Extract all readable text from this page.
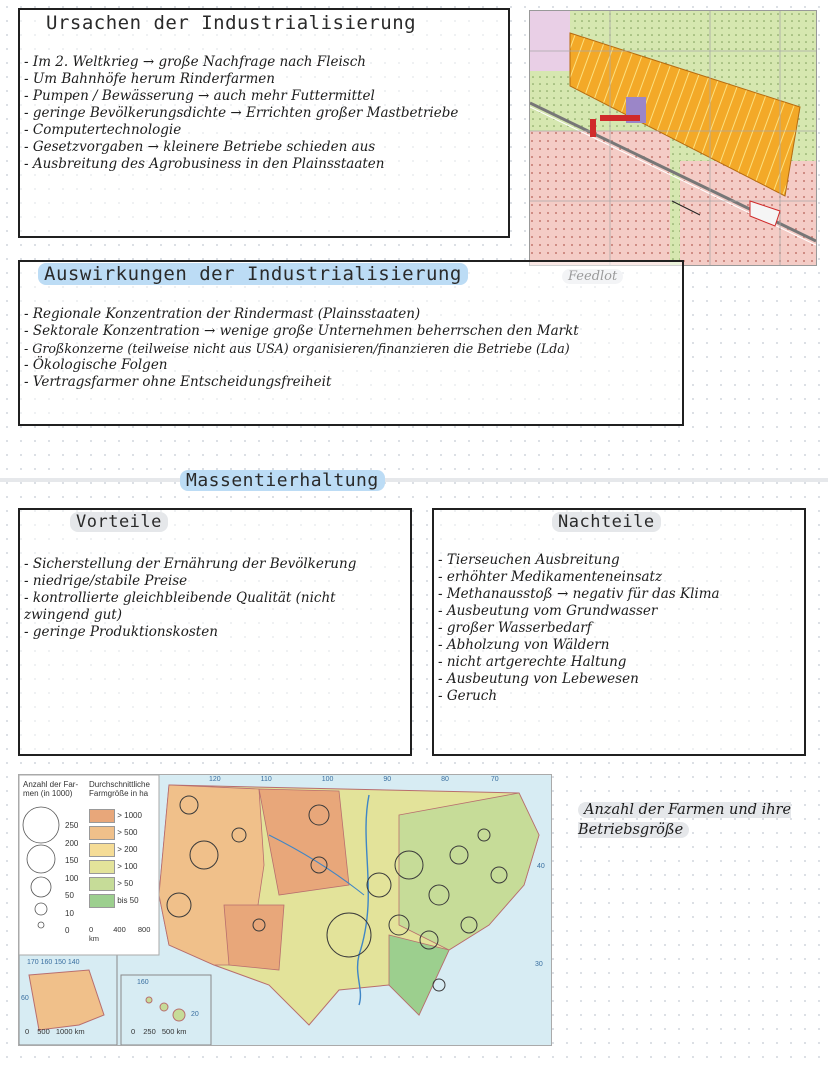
Ursachen der Industrialisierung
- Im 2. Weltkrieg → große Nachfrage nach Fleisch
- Um Bahnhöfe herum Rinderfarmen
- Pumpen / Bewässerung → auch mehr Futtermittel
- geringe Bevölkerungsdichte → Errichten großer Mastbetriebe
- Computertechnologie
- Gesetzvorgaben → kleinere Betriebe schieden aus
- Ausbreitung des Agrobusiness in den Plainsstaaten
Auswirkungen der Industrialisierung
- Regionale Konzentration der Rindermast (Plainsstaaten)
- Sektorale Konzentration → wenige große Unternehmen beherrschen den Markt
- Großkonzerne (teilweise nicht aus USA) organisieren/finanzieren die Betriebe (Lda)
- Ökologische Folgen
- Vertragsfarmer ohne Entscheidungsfreiheit
Massentierhaltung
Vorteile
- Sicherstellung der Ernährung der Bevölkerung
- niedrige/stabile Preise
- kontrollierte gleichbleibende Qualität (nicht zwingend gut)
- geringe Produktionskosten
Nachteile
- Tierseuchen Ausbreitung
- erhöhter Medikamenteneinsatz
- Methanausstoß → negativ für das Klima
- Ausbeutung vom Grundwasser
- großer Wasserbedarf
- Abholzung von Wäldern
- nicht artgerechte Haltung
- Ausbeutung von Lebewesen
- Geruch
Anzahl der Far-
men (in 1000)
Durchschnittliche
Farmgröße in ha
250
200
150
100
50
10
0
> 1000
> 500
> 200
> 100
> 50
bis 50
0	400 800 km
170 160 150 140
0 500 1000 km	0 250 500 km
120	110	100	90	80	70
40
30
60
20
160
Anzahl der Farmen und ihre Betriebsgröße
